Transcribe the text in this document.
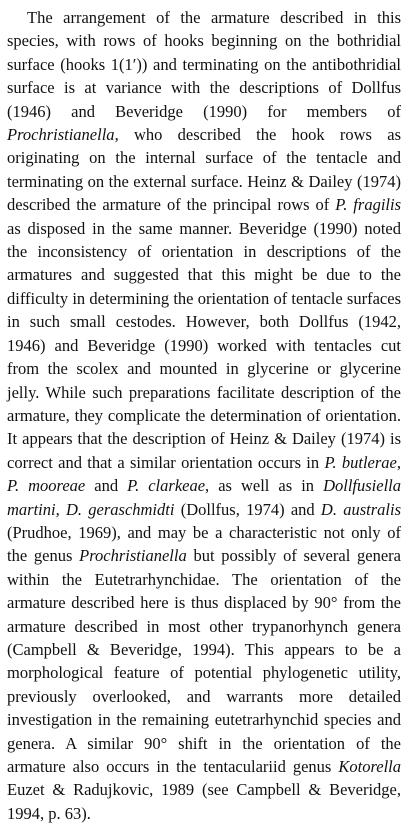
The arrangement of the armature described in this species, with rows of hooks beginning on the bothridial surface (hooks 1(1′)) and terminating on the antibothridial surface is at variance with the descriptions of Dollfus (1946) and Beveridge (1990) for members of Prochristianella, who described the hook rows as originating on the internal surface of the tentacle and terminating on the external surface. Heinz & Dailey (1974) described the armature of the principal rows of P. fragilis as disposed in the same manner. Beveridge (1990) noted the inconsistency of orientation in descriptions of the armatures and suggested that this might be due to the difficulty in determining the orientation of tentacle surfaces in such small cestodes. However, both Dollfus (1942, 1946) and Beveridge (1990) worked with tentacles cut from the scolex and mounted in glycerine or glycerine jelly. While such preparations facilitate description of the armature, they complicate the determination of orientation. It appears that the description of Heinz & Dailey (1974) is correct and that a similar orientation occurs in P. butlerae, P. mooreae and P. clarkeae, as well as in Dollfusiella martini, D. geraschmidti (Dollfus, 1974) and D. australis (Prudhoe, 1969), and may be a characteristic not only of the genus Prochristianella but possibly of several genera within the Eutetrarhynchidae. The orientation of the armature described here is thus displaced by 90° from the armature described in most other trypanorhynch genera (Campbell & Beveridge, 1994). This appears to be a morphological feature of potential phylogenetic utility, previously overlooked, and warrants more detailed investigation in the remaining eutetrarhynchid species and genera. A similar 90° shift in the orientation of the armature also occurs in the tentaculariid genus Kotorella Euzet & Radujkovic, 1989 (see Campbell & Beveridge, 1994, p. 63).
